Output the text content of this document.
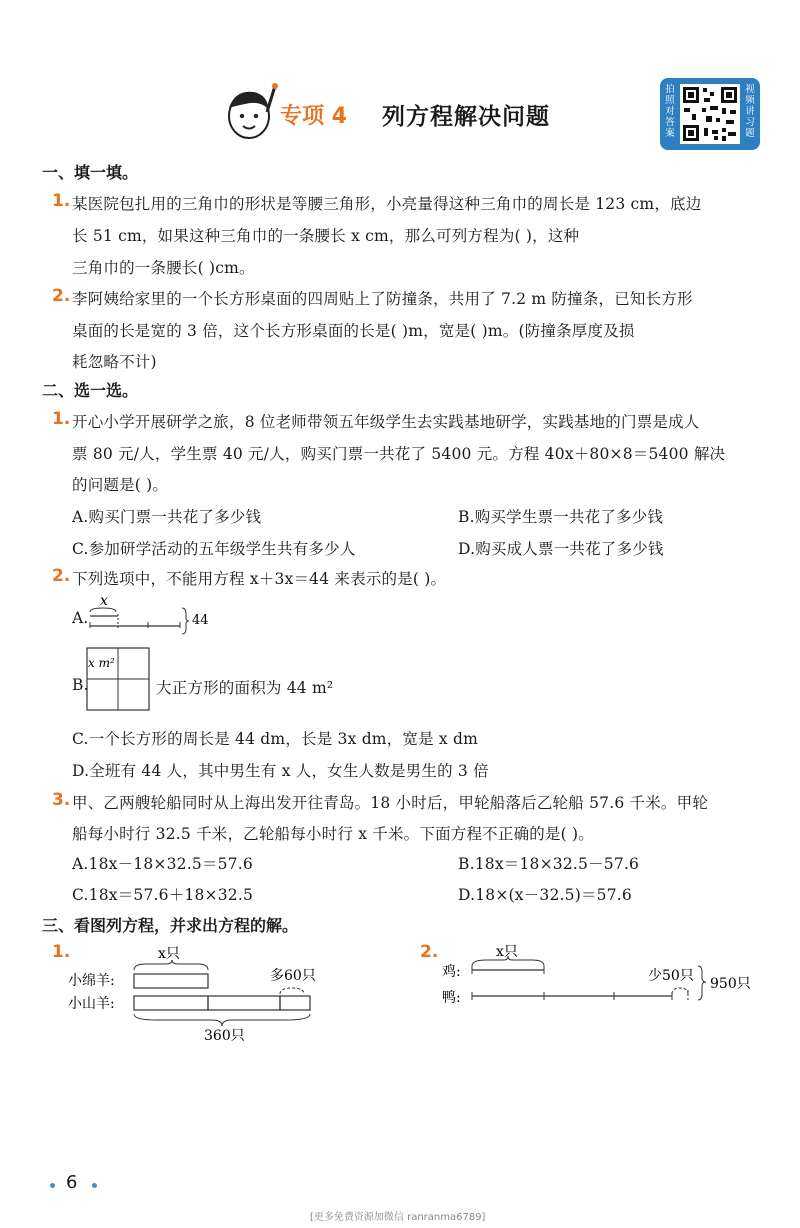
专项 4 列方程解决问题
拍照对答案
视频讲习题
一、填一填。
1. 某医院包扎用的三角巾的形状是等腰三角形，小亮量得这种三角巾的周长是 123 cm，底边
长 51 cm，如果这种三角巾的一条腰长 x cm，那么可列方程为( )，这种
三角巾的一条腰长( )cm。
2. 李阿姨给家里的一个长方形桌面的四周贴上了防撞条，共用了 7.2 m 防撞条，已知长方形
桌面的长是宽的 3 倍，这个长方形桌面的长是( )m，宽是( )m。(防撞条厚度及损
耗忽略不计)
二、选一选。
1. 开心小学开展研学之旅，8 位老师带领五年级学生去实践基地研学，实践基地的门票是成人
票 80 元/人，学生票 40 元/人，购买门票一共花了 5400 元。方程 40x＋80×8＝5400 解决
的问题是( )。
A.购买门票一共花了多少钱	B.购买学生票一共花了多少钱
C.参加研学活动的五年级学生共有多少人	D.购买成人票一共花了多少钱
2. 下列选项中，不能用方程 x＋3x＝44 来表示的是( )。
A.
x
44
B.
x m²
大正方形的面积为 44 m²
C.一个长方形的周长是 44 dm，长是 3x dm，宽是 x dm
D.全班有 44 人，其中男生有 x 人，女生人数是男生的 3 倍
3. 甲、乙两艘轮船同时从上海出发开往青岛。18 小时后，甲轮船落后乙轮船 57.6 千米。甲轮
船每小时行 32.5 千米，乙轮船每小时行 x 千米。下面方程不正确的是( )。
A.18x－18×32.5＝57.6	B.18x＝18×32.5－57.6
C.18x＝57.6＋18×32.5	D.18×(x－32.5)＝57.6
三、看图列方程，并求出方程的解。
1.	x只
小绵羊:	多60只
小山羊:
360只
2.	x只
鸡:	少50只
鸭:
950只
6
[更多免费资源加微信 ranranma6789]
